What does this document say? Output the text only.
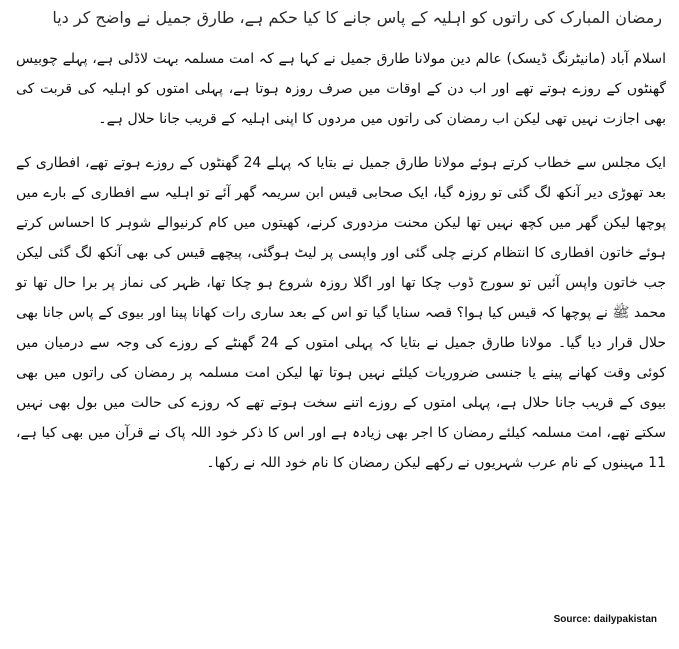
رمضان المبارک کی راتوں کو اہلیہ کے پاس جانے کا کیا حکم ہے، طارق جمیل نے واضح کر دیا

اسلام آباد (مانیٹرنگ ڈیسک) عالم دین مولانا طارق جمیل نے کہا ہے کہ امت مسلمہ بہت لاڈلی ہے، پہلے چوبیس گھنٹوں کے روزے ہوتے تھے اور اب دن کے اوقات میں صرف روزہ ہوتا ہے، پہلی امتوں کو اہلیہ کی قربت کی بھی اجازت نہیں تھی لیکن اب رمضان کی راتوں میں مردوں کا اپنی اہلیہ کے قریب جانا حلال ہے۔

ایک مجلس سے خطاب کرتے ہوئے مولانا طارق جمیل نے بتایا کہ پہلے 24 گھنٹوں کے روزے ہوتے تھے، افطاری کے بعد تھوڑی دیر آنکھ لگ گئی تو روزہ گیا، ایک صحابی قیس ابن سریمہ گھر آئے تو اہلیہ سے افطاری کے بارے میں پوچھا لیکن گھر میں کچھ نہیں تھا لیکن محنت مزدوری کرنے، کھیتوں میں کام کرنیوالے شوہر کا احساس کرتے ہوئے خاتون افطاری کا انتظام کرنے چلی گئی اور واپسی پر لیٹ ہوگئی، پیچھے قیس کی بھی آنکھ لگ گئی لیکن جب خاتون واپس آئیں تو سورج ڈوب چکا تھا اور اگلا روزہ شروع ہو چکا تھا، ظہر کی نماز پر برا حال تھا تو محمد ﷺ نے پوچھا کہ قیس کیا ہوا؟ قصہ سنایا گیا تو اس کے بعد ساری رات کھانا پینا اور بیوی کے پاس جانا بھی حلال قرار دیا گیا۔ مولانا طارق جمیل نے بتایا کہ پہلی امتوں کے 24 گھنٹے کے روزے کی وجہ سے درمیان میں کوئی وقت کھانے پینے یا جنسی ضروریات کیلئے نہیں ہوتا تھا لیکن امت مسلمہ پر رمضان کی راتوں میں بھی بیوی کے قریب جانا حلال ہے، پہلی امتوں کے روزے اتنے سخت ہوتے تھے کہ روزے کی حالت میں بول بھی نہیں سکتے تھے، امت مسلمہ کیلئے رمضان کا اجر بھی زیادہ ہے اور اس کا ذکر خود اللہ پاک نے قرآن میں بھی کیا ہے، 11 مہینوں کے نام عرب شہریوں نے رکھے لیکن رمضان کا نام خود اللہ نے رکھا۔

Source: dailypakistan
